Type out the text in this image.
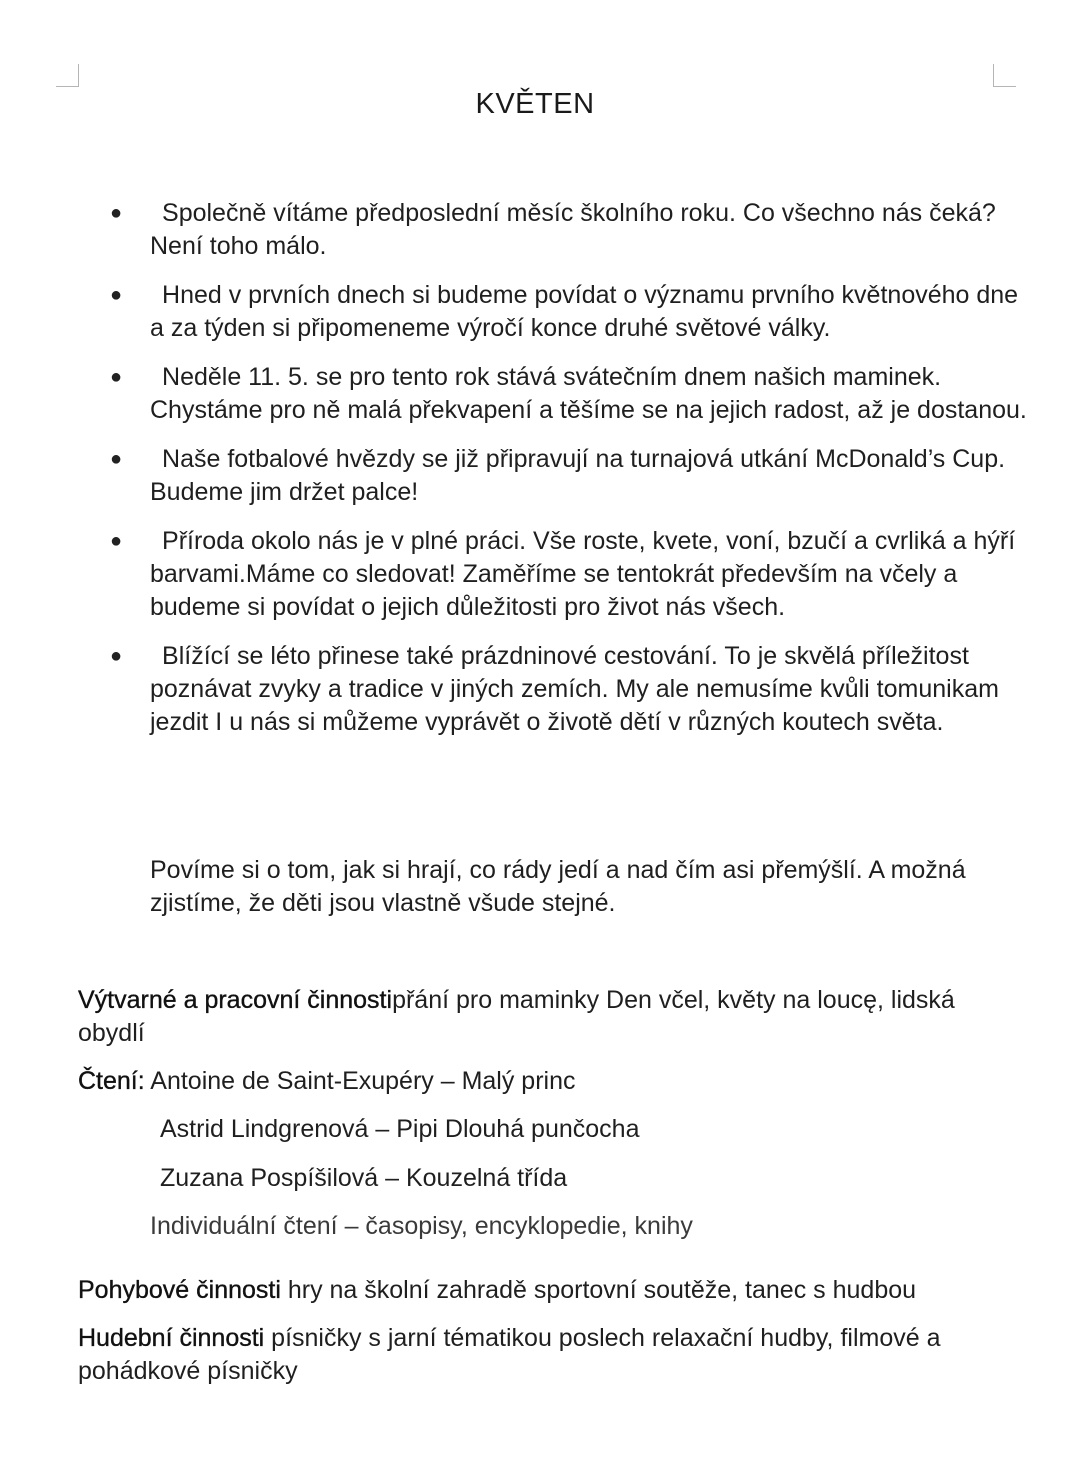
KVĚTEN
●	Společně vítáme předposlední měsíc školního roku. Co všechno nás čeká? Není toho málo.
●	Hned v prvních dnech si budeme povídat o významu prvního květnového dne a za týden si připomeneme výročí konce druhé světové války.
●	Neděle 11. 5. se pro tento rok stává svátečním dnem našich maminek. Chystáme pro ně malá překvapení a těšíme se na jejich radost, až je dostanou.
●	Naše fotbalové hvězdy se již připravují na turnajová utkání McDonald’s Cup. Budeme jim držet palce!
●	Příroda okolo nás je v plné práci. Vše roste, kvete, voní, bzučí a cvrliká a hýří barvami.Máme co sledovat! Zaměříme se tentokrát především na včely a budeme si povídat o jejich důležitosti pro život nás všech.
●	Blížící se léto přinese také prázdninové cestování. To je skvělá příležitost poznávat zvyky a tradice v jiných zemích. My ale nemusíme kvůli tomunikam jezdit I u nás si můžeme vyprávět o životě dětí v různých koutech světa.
Povíme si o tom, jak si hrají, co rády jedí a nad čím asi přemýšlí. A možná zjistíme, že děti jsou vlastně všude stejné.
Výtvarné a pracovní činnostipřání pro maminky Den včel, květy na loucę, lidská obydlí
Čtení: Antoine de Saint-Exupéry – Malý princ
Astrid Lindgrenová – Pipi Dlouhá punčocha
Zuzana Pospíšilová – Kouzelná třída
Individuální čtení – časopisy, encyklopedie, knihy
Pohybové činnosti hry na školní zahradě sportovní soutěže, tanec s hudbou
Hudební činnosti písničky s jarní tématikou poslech relaxační hudby, filmové a pohádkové písničky
